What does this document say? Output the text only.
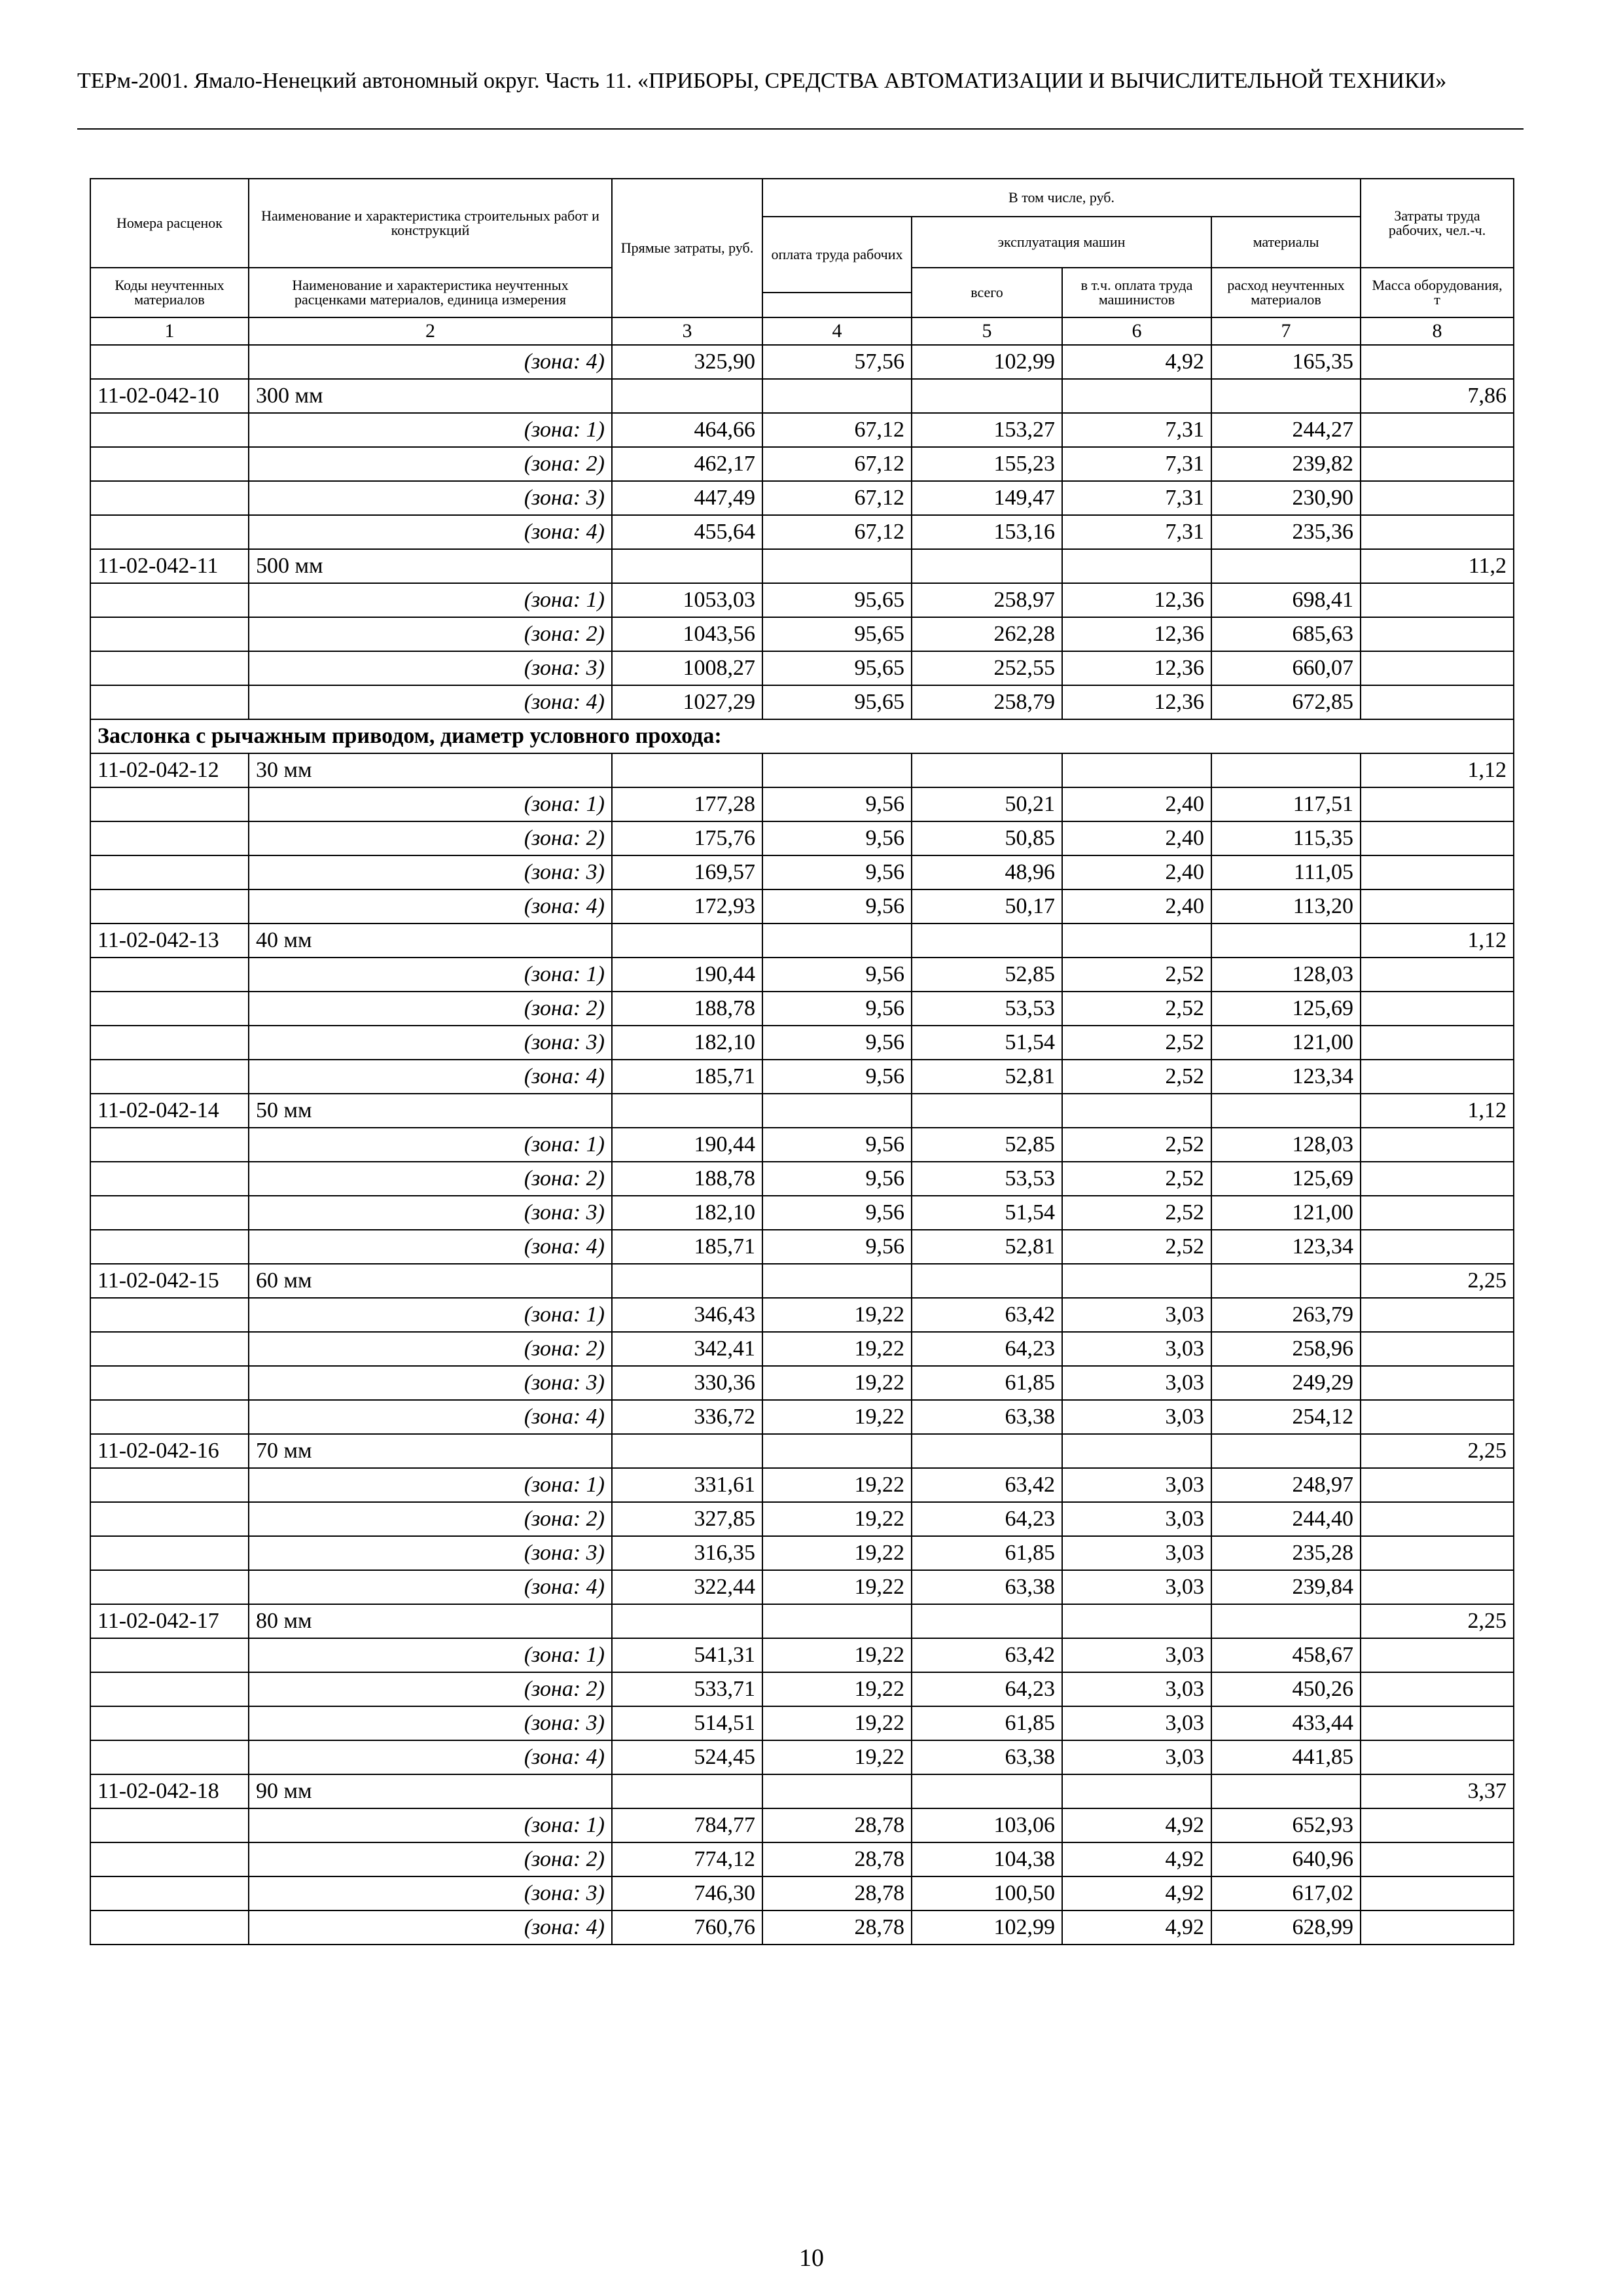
ТЕРм-2001. Ямало-Ненецкий автономный округ. Часть 11. «ПРИБОРЫ, СРЕДСТВА АВТОМАТИЗАЦИИ И ВЫЧИСЛИТЕЛЬНОЙ ТЕХНИКИ»
Номера расценок	Наименование и характеристика строительных работ и конструкций	Прямые затраты, руб.	В том числе, руб.				Затраты труда рабочих, чел.-ч.
			оплата труда рабочих	эксплуатация машин		материалы	
Коды неучтенных материалов	Наименование и характеристика неучтенных расценками материалов, единица измерения			всего	в т.ч. оплата труда машинистов	расход неучтенных материалов	Масса оборудования, т

1	2	3	4	5	6	7	8
	(зона: 4)	325,90	57,56	102,99	4,92	165,35	
11-02-042-10	300 мм						7,86
	(зона: 1)	464,66	67,12	153,27	7,31	244,27	
	(зона: 2)	462,17	67,12	155,23	7,31	239,82	
	(зона: 3)	447,49	67,12	149,47	7,31	230,90	
	(зона: 4)	455,64	67,12	153,16	7,31	235,36	
11-02-042-11	500 мм						11,2
	(зона: 1)	1053,03	95,65	258,97	12,36	698,41	
	(зона: 2)	1043,56	95,65	262,28	12,36	685,63	
	(зона: 3)	1008,27	95,65	252,55	12,36	660,07	
	(зона: 4)	1027,29	95,65	258,79	12,36	672,85	
Заслонка с рычажным приводом, диаметр условного прохода:							
11-02-042-12	30 мм						1,12
	(зона: 1)	177,28	9,56	50,21	2,40	117,51	
	(зона: 2)	175,76	9,56	50,85	2,40	115,35	
	(зона: 3)	169,57	9,56	48,96	2,40	111,05	
	(зона: 4)	172,93	9,56	50,17	2,40	113,20	
11-02-042-13	40 мм						1,12
	(зона: 1)	190,44	9,56	52,85	2,52	128,03	
	(зона: 2)	188,78	9,56	53,53	2,52	125,69	
	(зона: 3)	182,10	9,56	51,54	2,52	121,00	
	(зона: 4)	185,71	9,56	52,81	2,52	123,34	
11-02-042-14	50 мм						1,12
	(зона: 1)	190,44	9,56	52,85	2,52	128,03	
	(зона: 2)	188,78	9,56	53,53	2,52	125,69	
	(зона: 3)	182,10	9,56	51,54	2,52	121,00	
	(зона: 4)	185,71	9,56	52,81	2,52	123,34	
11-02-042-15	60 мм						2,25
	(зона: 1)	346,43	19,22	63,42	3,03	263,79	
	(зона: 2)	342,41	19,22	64,23	3,03	258,96	
	(зона: 3)	330,36	19,22	61,85	3,03	249,29	
	(зона: 4)	336,72	19,22	63,38	3,03	254,12	
11-02-042-16	70 мм						2,25
	(зона: 1)	331,61	19,22	63,42	3,03	248,97	
	(зона: 2)	327,85	19,22	64,23	3,03	244,40	
	(зона: 3)	316,35	19,22	61,85	3,03	235,28	
	(зона: 4)	322,44	19,22	63,38	3,03	239,84	
11-02-042-17	80 мм						2,25
	(зона: 1)	541,31	19,22	63,42	3,03	458,67	
	(зона: 2)	533,71	19,22	64,23	3,03	450,26	
	(зона: 3)	514,51	19,22	61,85	3,03	433,44	
	(зона: 4)	524,45	19,22	63,38	3,03	441,85	
11-02-042-18	90 мм						3,37
	(зона: 1)	784,77	28,78	103,06	4,92	652,93	
	(зона: 2)	774,12	28,78	104,38	4,92	640,96	
	(зона: 3)	746,30	28,78	100,50	4,92	617,02	
	(зона: 4)	760,76	28,78	102,99	4,92	628,99	
10
